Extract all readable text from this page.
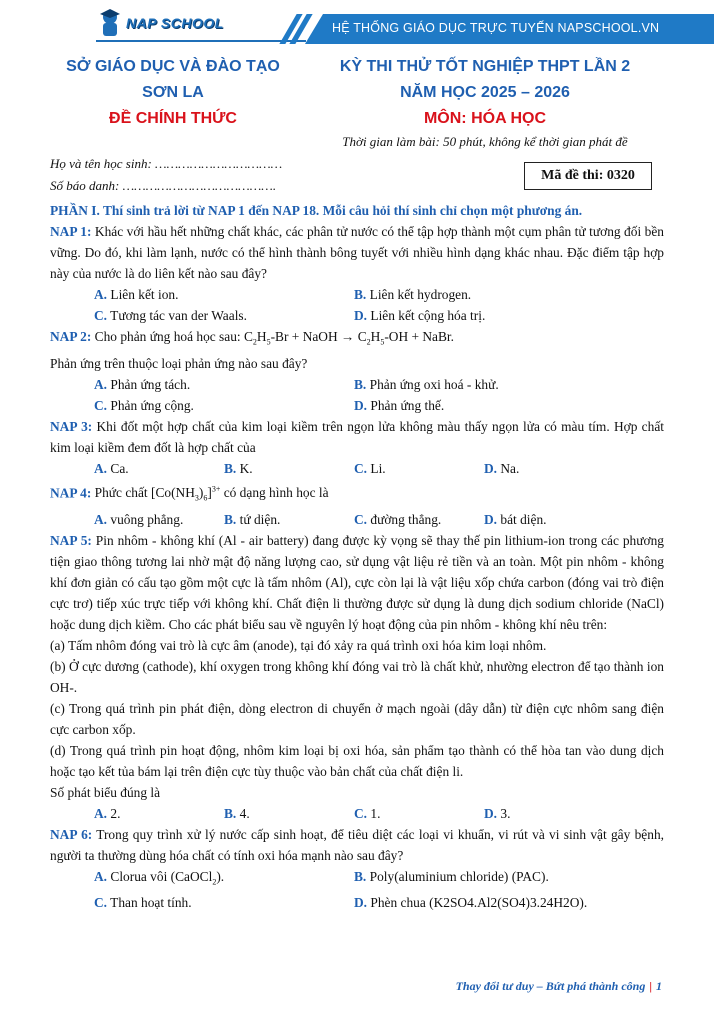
NAP SCHOOL	HỆ THỐNG GIÁO DỤC TRỰC TUYẾN NAPSCHOOL.VN
SỞ GIÁO DỤC VÀ ĐÀO TẠO
SƠN LA
ĐỀ CHÍNH THỨC
KỲ THI THỬ TỐT NGHIỆP THPT LẦN 2
NĂM HỌC 2025 – 2026
MÔN: HÓA HỌC
Thời gian làm bài: 50 phút, không kể thời gian phát đề
Họ và tên học sinh: ……………………………
Số báo danh: ………………………………….
Mã đề thi: 0320
PHẦN I. Thí sinh trả lời từ NAP 1 đến NAP 18. Mỗi câu hỏi thí sinh chỉ chọn một phương án.
NAP 1: Khác với hầu hết những chất khác, các phân tử nước có thể tập hợp thành một cụm phân tử tương đối bền vững. Do đó, khi làm lạnh, nước có thể hình thành bông tuyết với nhiều hình dạng khác nhau. Đặc điểm tập hợp này của nước là do liên kết nào sau đây?
A. Liên kết ion.	B. Liên kết hydrogen.
C. Tương tác van der Waals.	D. Liên kết cộng hóa trị.
NAP 2: Cho phản ứng hoá học sau: $C_2H_5-Br$ + NaOH → $C_2H_5-OH$ + NaBr.
Phản ứng trên thuộc loại phản ứng nào sau đây?
A. Phản ứng tách.	B. Phản ứng oxi hoá - khử.
C. Phản ứng cộng.	D. Phản ứng thế.
NAP 3: Khi đốt một hợp chất của kim loại kiềm trên ngọn lửa không màu thấy ngọn lửa có màu tím. Hợp chất kim loại kiềm đem đốt là hợp chất của
A. Ca.	B. K.	C. Li.	D. Na.
NAP 4: Phức chất $[Co(NH_3)_6]^{3+}$ có dạng hình học là
A. vuông phẳng.	B. tứ diện.	C. đường thẳng.	D. bát diện.
NAP 5: Pin nhôm - không khí (Al - air battery) đang được kỳ vọng sẽ thay thế pin lithium-ion trong các phương tiện giao thông tương lai nhờ mật độ năng lượng cao, sử dụng vật liệu rẻ tiền và an toàn. Một pin nhôm - không khí đơn giản có cấu tạo gồm một cực là tấm nhôm (Al), cực còn lại là vật liệu xốp chứa carbon (đóng vai trò điện cực trơ) tiếp xúc trực tiếp với không khí. Chất điện li thường được sử dụng là dung dịch sodium chloride (NaCl) hoặc dung dịch kiềm. Cho các phát biểu sau về nguyên lý hoạt động của pin nhôm - không khí nêu trên:
(a) Tấm nhôm đóng vai trò là cực âm (anode), tại đó xảy ra quá trình oxi hóa kim loại nhôm.
(b) Ở cực dương (cathode), khí oxygen trong không khí đóng vai trò là chất khử, nhường electron để tạo thành ion OH-.
(c) Trong quá trình pin phát điện, dòng electron di chuyển ở mạch ngoài (dây dẫn) từ điện cực nhôm sang điện cực carbon xốp.
(d) Trong quá trình pin hoạt động, nhôm kim loại bị oxi hóa, sản phẩm tạo thành có thể hòa tan vào dung dịch hoặc tạo kết tủa bám lại trên điện cực tùy thuộc vào bản chất của chất điện li.
Số phát biểu đúng là
A. 2.	B. 4.	C. 1.	D. 3.
NAP 6: Trong quy trình xử lý nước cấp sinh hoạt, để tiêu diệt các loại vi khuẩn, vi rút và vi sinh vật gây bệnh, người ta thường dùng hóa chất có tính oxi hóa mạnh nào sau đây?
A. Clorua vôi (CaOCl$_2$).	B. Poly(aluminium chloride) (PAC).
C. Than hoạt tính.	D. Phèn chua (K2SO4.Al2(SO4)3.24H2O).
Thay đổi tư duy – Bứt phá thành công | 1
